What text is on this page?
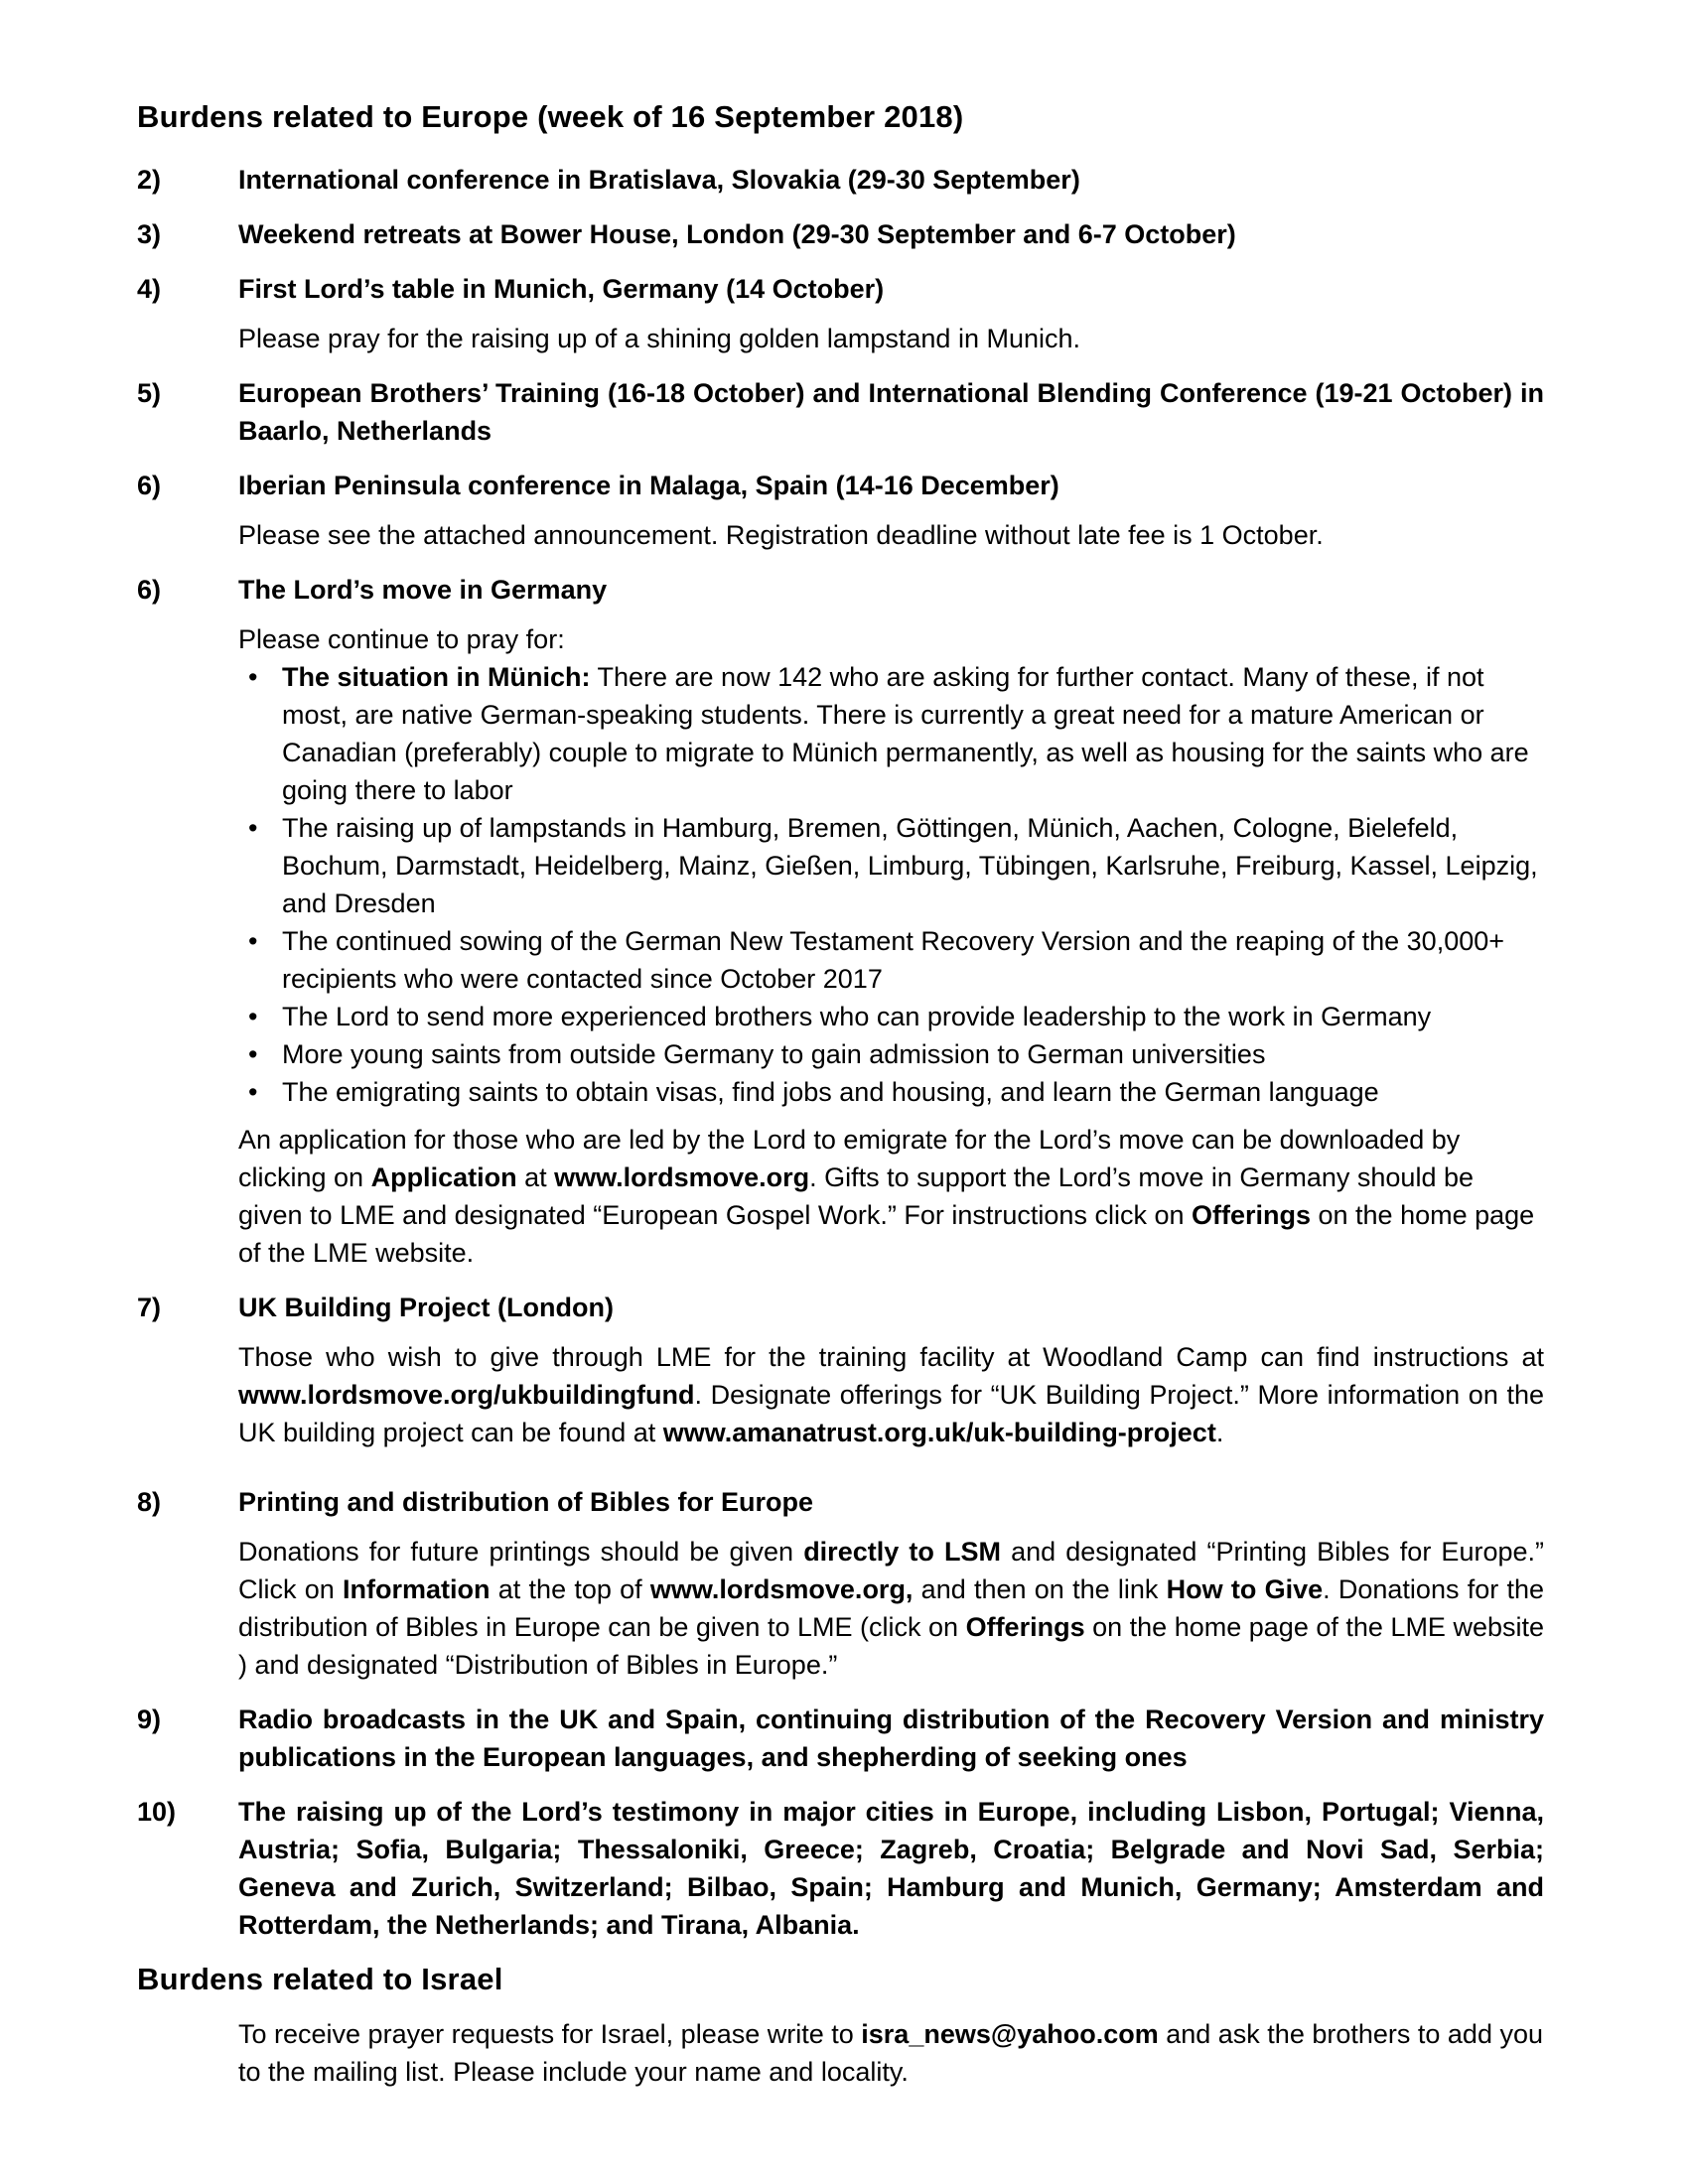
Burdens related to Europe (week of 16 September 2018)
2)	International conference in Bratislava, Slovakia (29-30 September)
3)	Weekend retreats at Bower House, London (29-30 September and 6-7 October)
4)	First Lord’s table in Munich, Germany (14 October)

Please pray for the raising up of a shining golden lampstand in Munich.

5)	European Brothers’ Training (16-18 October) and International Blending Conference (19-21 October) in Baarlo, Netherlands
6)	Iberian Peninsula conference in Malaga, Spain (14-16 December)

Please see the attached announcement. Registration deadline without late fee is 1 October.

6)	The Lord’s move in Germany

Please continue to pray for:

• The situation in Münich: There are now 142 who are asking for further contact. Many of these, if not most, are native German-speaking students. There is currently a great need for a mature American or Canadian (preferably) couple to migrate to Münich permanently, as well as housing for the saints who are going there to labor
• The raising up of lampstands in Hamburg, Bremen, Göttingen, Münich, Aachen, Cologne, Bielefeld, Bochum, Darmstadt, Heidelberg, Mainz, Gießen, Limburg, Tübingen, Karlsruhe, Freiburg, Kassel, Leipzig, and Dresden
• The continued sowing of the German New Testament Recovery Version and the reaping of the 30,000+ recipients who were contacted since October 2017
• The Lord to send more experienced brothers who can provide leadership to the work in Germany
• More young saints from outside Germany to gain admission to German universities
• The emigrating saints to obtain visas, find jobs and housing, and learn the German language

An application for those who are led by the Lord to emigrate for the Lord’s move can be downloaded by clicking on Application at www.lordsmove.org. Gifts to support the Lord’s move in Germany should be given to LME and designated “European Gospel Work.” For instructions click on Offerings on the home page of the LME website.

7)	UK Building Project (London)

Those who wish to give through LME for the training facility at Woodland Camp can find instructions at www.lordsmove.org/ukbuildingfund. Designate offerings for “UK Building Project.” More information on the UK building project can be found at www.amanatrust.org.uk/uk-building-project.

8)	Printing and distribution of Bibles for Europe

Donations for future printings should be given directly to LSM and designated “Printing Bibles for Europe.” Click on Information at the top of www.lordsmove.org, and then on the link How to Give. Donations for the distribution of Bibles in Europe can be given to LME (click on Offerings on the home page of the LME website ) and designated “Distribution of Bibles in Europe.”

9)	Radio broadcasts in the UK and Spain, continuing distribution of the Recovery Version and ministry publications in the European languages, and shepherding of seeking ones
10)	The raising up of the Lord’s testimony in major cities in Europe, including Lisbon, Portugal; Vienna, Austria; Sofia, Bulgaria; Thessaloniki, Greece; Zagreb, Croatia; Belgrade and Novi Sad, Serbia; Geneva and Zurich, Switzerland; Bilbao, Spain; Hamburg and Munich, Germany; Amsterdam and Rotterdam, the Netherlands; and Tirana, Albania.
Burdens related to Israel

To receive prayer requests for Israel, please write to isra_news@yahoo.com and ask the brothers to add you to the mailing list. Please include your name and locality.
